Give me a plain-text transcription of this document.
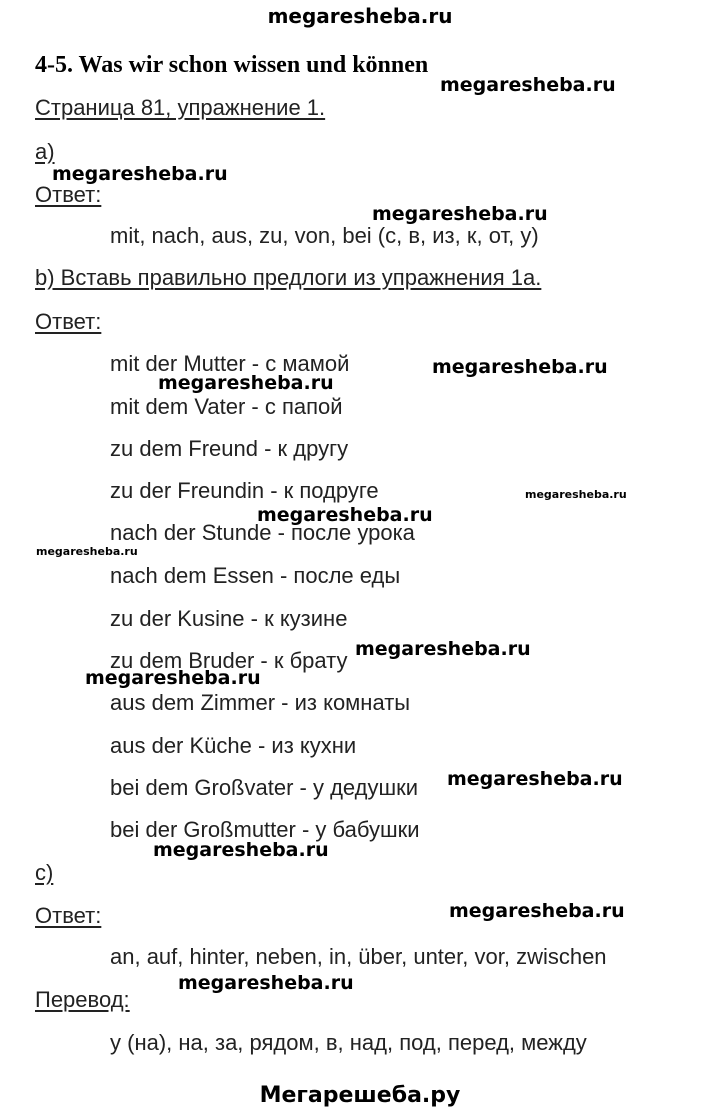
megaresheba.ru
4-5. Was wir schon wissen und können
Страница 81, упражнение 1.
a)
Ответ:
mit, nach, aus, zu, von, bei (с, в, из, к, от, у)
b) Вставь правильно предлоги из упражнения 1a.
Ответ:
mit der Mutter - с мамой
mit dem Vater - с папой
zu dem Freund - к другу
zu der Freundin - к подруге
nach der Stunde - после урока
nach dem Essen - после еды
zu der Kusine - к кузине
zu dem Bruder - к брату
aus dem Zimmer - из комнаты
aus der Küche - из кухни
bei dem Großvater - у дедушки
bei der Großmutter - у бабушки
c)
Ответ:
an, auf, hinter, neben, in, über, unter, vor, zwischen
Перевод:
у (на), на, за, рядом, в, над, под, перед, между
megaresheba.ru
megaresheba.ru
megaresheba.ru
megaresheba.ru
megaresheba.ru
megaresheba.ru
megaresheba.ru
megaresheba.ru
megaresheba.ru
megaresheba.ru
megaresheba.ru
megaresheba.ru
megaresheba.ru
megaresheba.ru
Мегарешеба.ру
